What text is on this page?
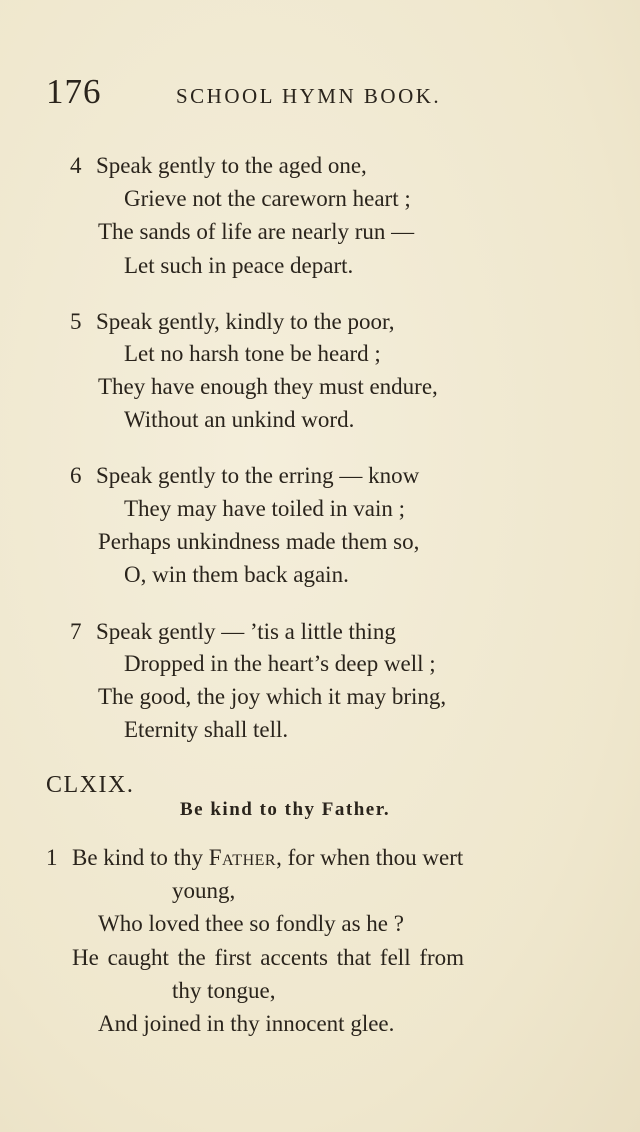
176	SCHOOL HYMN BOOK.
4 Speak gently to the aged one,
Grieve not the careworn heart ;
The sands of life are nearly run —
Let such in peace depart.
5 Speak gently, kindly to the poor,
Let no harsh tone be heard ;
They have enough they must endure,
Without an unkind word.
6 Speak gently to the erring — know
They may have toiled in vain ;
Perhaps unkindness made them so,
O, win them back again.
7 Speak gently — ’tis a little thing
Dropped in the heart’s deep well ;
The good, the joy which it may bring,
Eternity shall tell.
CLXIX.
Be kind to thy Father.
1 Be kind to thy Father, for when thou wert
young,
Who loved thee so fondly as he ?
He caught the first accents that fell from
thy tongue,
And joined in thy innocent glee.
